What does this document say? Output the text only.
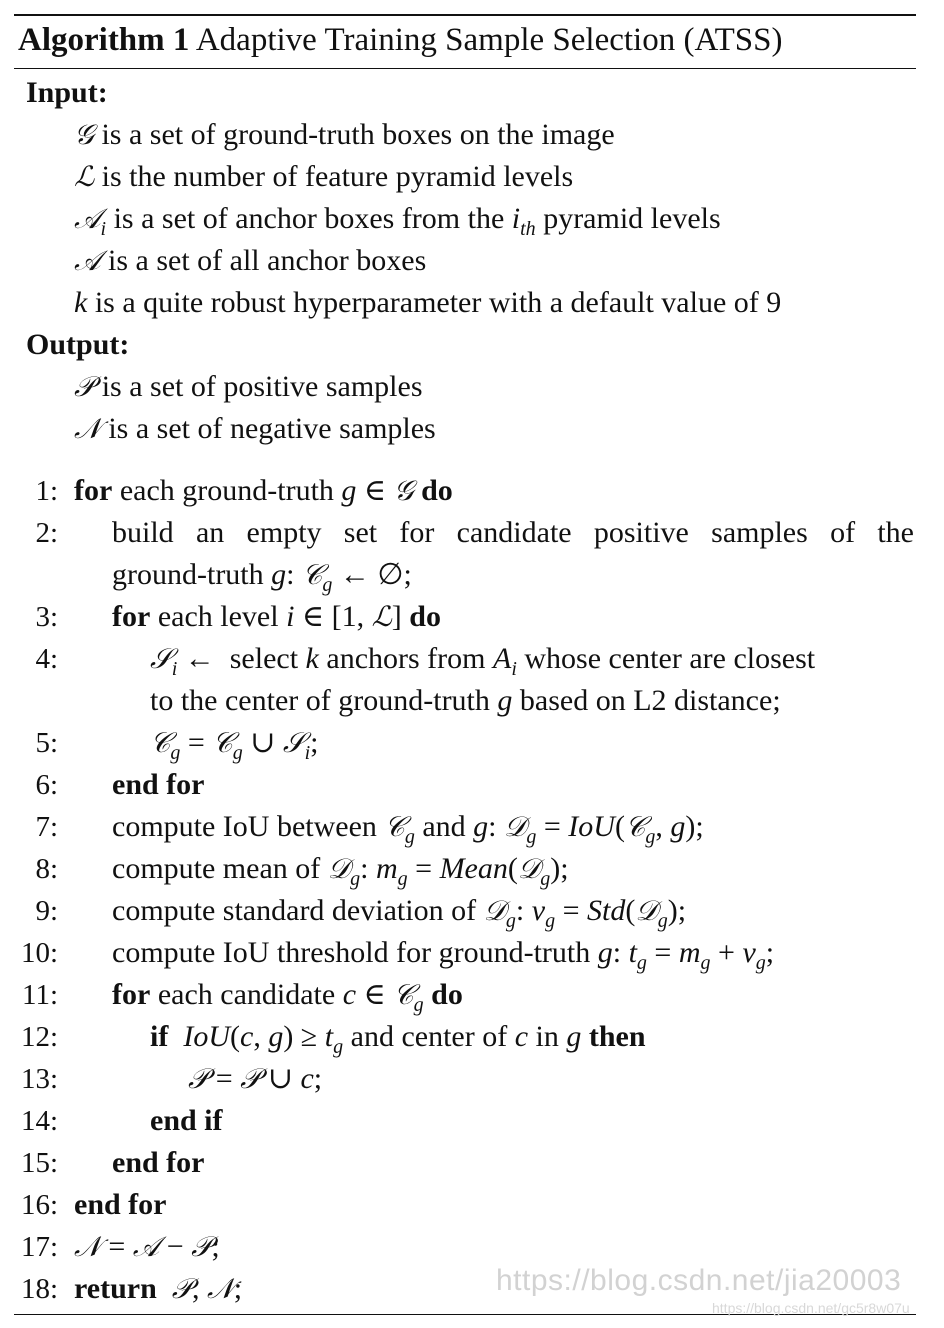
Algorithm 1 Adaptive Training Sample Selection (ATSS)
Input:
𝒢 is a set of ground-truth boxes on the image
ℒ is the number of feature pyramid levels
𝒜$_i$ is a set of anchor boxes from the $i_{th}$ pyramid levels
𝒜 is a set of all anchor boxes
k is a quite robust hyperparameter with a default value of 9
Output:
𝒫 is a set of positive samples
𝒩 is a set of negative samples
1: for each ground-truth g ∈ 𝒢 do
2: build an empty set for candidate positive samples of the
ground-truth g: 𝒞$_g$ ← ∅;
3: for each level i ∈ [1, ℒ] do
4:	𝒮$_i$ ←  select k anchors from $A_i$ whose center are closest
to the center of ground-truth g based on L2 distance;
5:	𝒞$_g$ = 𝒞$_g$ ∪ 𝒮$_i$;
6: end for
7: compute IoU between 𝒞$_g$ and g: 𝒟$_g$ = IoU(𝒞$_g$, g);
8: compute mean of 𝒟$_g$: $m_g$ = Mean(𝒟$_g$);
9: compute standard deviation of 𝒟$_g$: $v_g$ = Std(𝒟$_g$);
10: compute IoU threshold for ground-truth g: $t_g = m_g + v_g$;
11: for each candidate c ∈ 𝒞$_g$ do
12:	if IoU(c, $g) \ge t_g$ and center of c in g then
13:	𝒫 = 𝒫 ∪ c;
14:	end if
15: end for
16: end for
17: 𝒩 = 𝒜 − 𝒫;
18: return 𝒫, 𝒩;	https://blog.csdn.net/jia20003
https://blog.csdn.net/gc5r8w07u
